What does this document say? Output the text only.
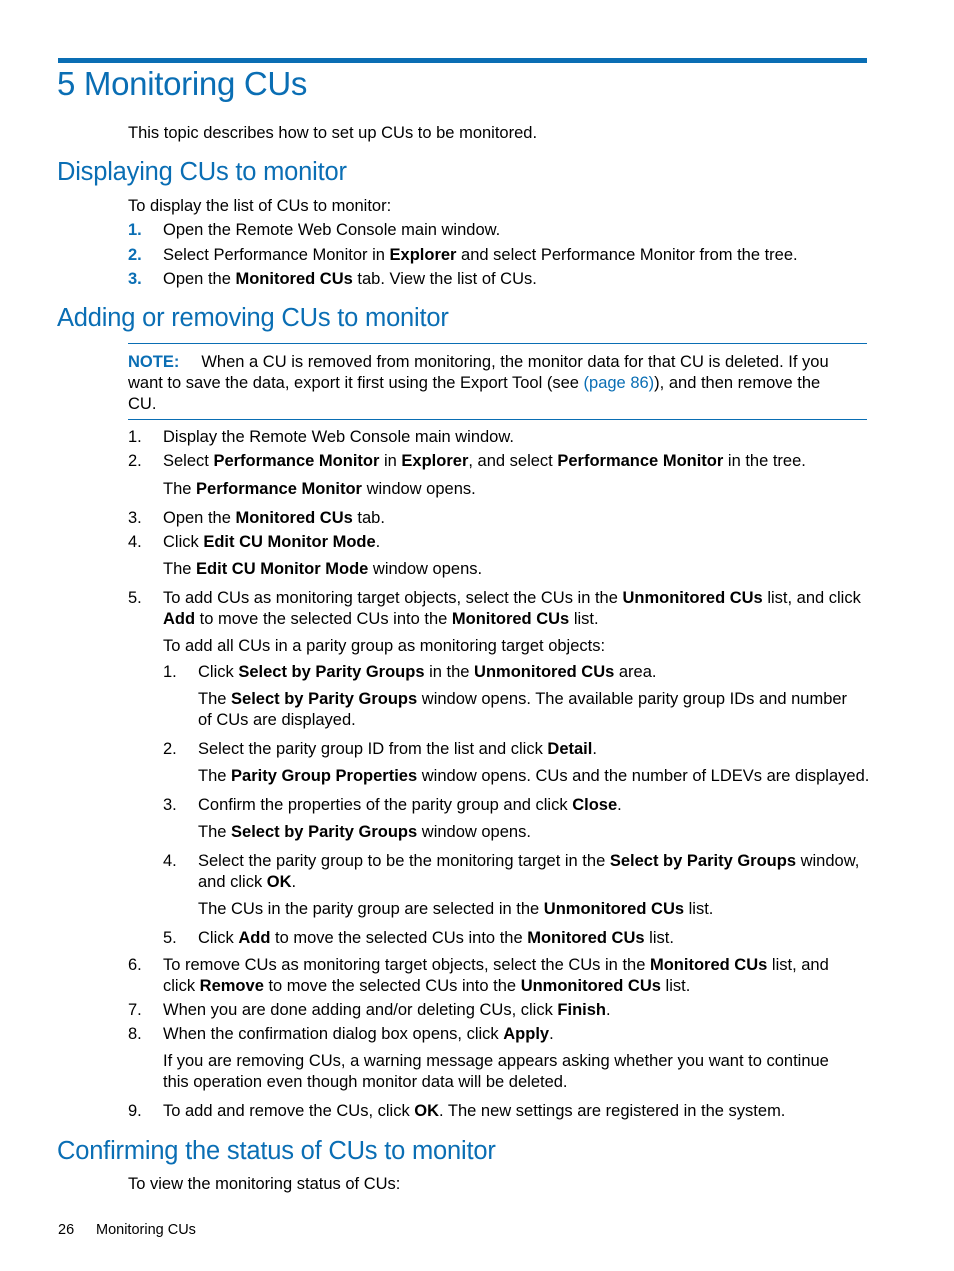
5 Monitoring CUs
This topic describes how to set up CUs to be monitored.
Displaying CUs to monitor
To display the list of CUs to monitor:
1. Open the Remote Web Console main window.
2. Select Performance Monitor in Explorer and select Performance Monitor from the tree.
3. Open the Monitored CUs tab. View the list of CUs.
Adding or removing CUs to monitor
NOTE: When a CU is removed from monitoring, the monitor data for that CU is deleted. If you
want to save the data, export it first using the Export Tool (see (page 86)), and then remove the
CU.
1. Display the Remote Web Console main window.
2. Select Performance Monitor in Explorer, and select Performance Monitor in the tree.
The Performance Monitor window opens.
3. Open the Monitored CUs tab.
4. Click Edit CU Monitor Mode.
The Edit CU Monitor Mode window opens.
5. To add CUs as monitoring target objects, select the CUs in the Unmonitored CUs list, and click
Add to move the selected CUs into the Monitored CUs list.
To add all CUs in a parity group as monitoring target objects:
1. Click Select by Parity Groups in the Unmonitored CUs area.
The Select by Parity Groups window opens. The available parity group IDs and number
of CUs are displayed.
2. Select the parity group ID from the list and click Detail.
The Parity Group Properties window opens. CUs and the number of LDEVs are displayed.
3. Confirm the properties of the parity group and click Close.
The Select by Parity Groups window opens.
4. Select the parity group to be the monitoring target in the Select by Parity Groups window,
and click OK.
The CUs in the parity group are selected in the Unmonitored CUs list.
5. Click Add to move the selected CUs into the Monitored CUs list.
6. To remove CUs as monitoring target objects, select the CUs in the Monitored CUs list, and
click Remove to move the selected CUs into the Unmonitored CUs list.
7. When you are done adding and/or deleting CUs, click Finish.
8. When the confirmation dialog box opens, click Apply.
If you are removing CUs, a warning message appears asking whether you want to continue
this operation even though monitor data will be deleted.
9. To add and remove the CUs, click OK. The new settings are registered in the system.
Confirming the status of CUs to monitor
To view the monitoring status of CUs:
26 Monitoring CUs
